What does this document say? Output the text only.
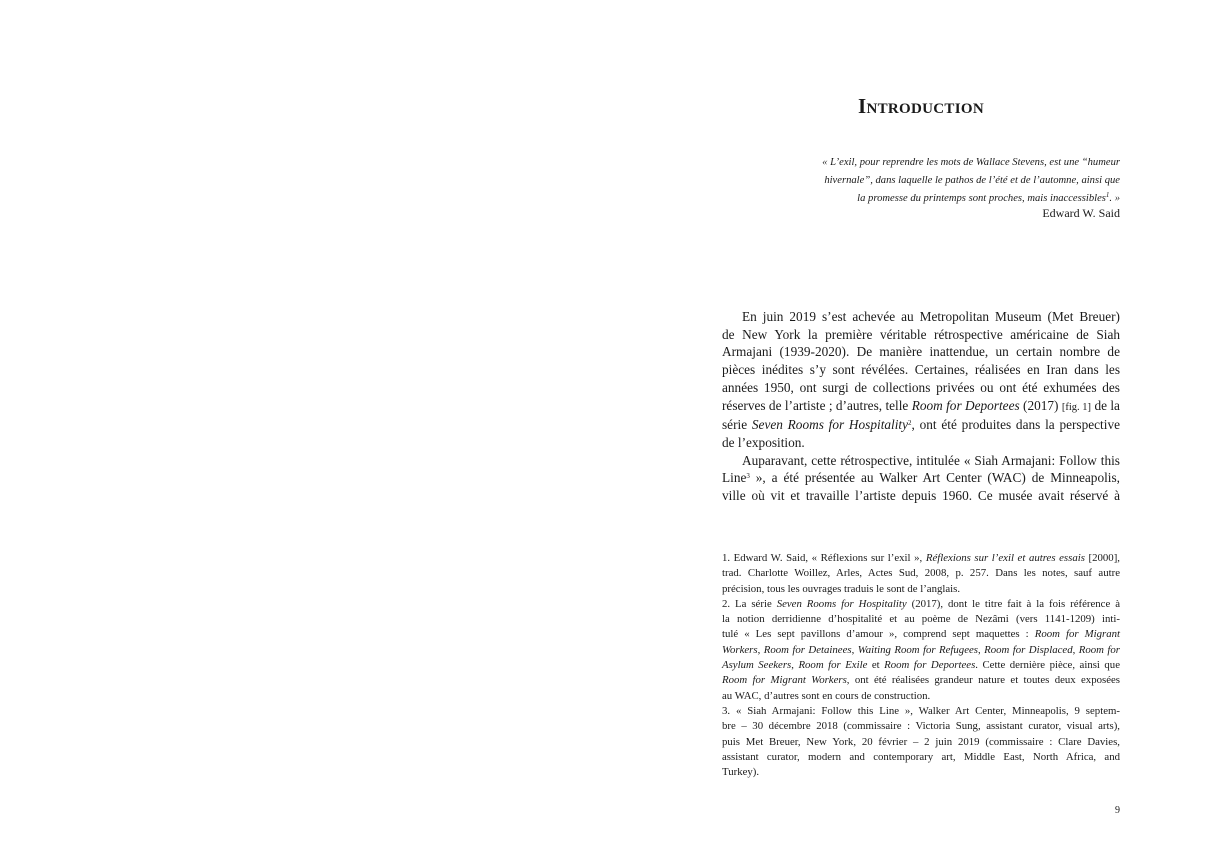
Introduction
« L’exil, pour reprendre les mots de Wallace Stevens, est une “humeur
hivernale”, dans laquelle le pathos de l’été et de l’automne, ainsi que
la promesse du printemps sont proches, mais inaccessibles$^1$. »
Edward W. Said
En juin 2019 s’est achevée au Metropolitan Museum (Met Breuer)
de New York la première véritable rétrospective américaine de Siah
Armajani (1939-2020). De manière inattendue, un certain nombre de
pièces inédites s’y sont révélées. Certaines, réalisées en Iran dans les
années 1950, ont surgi de collections privées ou ont été exhumées des
réserves de l’artiste ; d’autres, telle Room for Deportees (2017) [fig. 1] de la
série Seven Rooms for Hospitality$^2$, ont été produites dans la perspective
de l’exposition.
Auparavant, cette rétrospective, intitulée « Siah Armajani: Follow this
Line$^3$ », a été présentée au Walker Art Center (WAC) de Minneapolis,
ville où vit et travaille l’artiste depuis 1960. Ce musée avait réservé à
1. Edward W. Said, « Réflexions sur l’exil », Réflexions sur l’exil et autres essais [2000],
trad. Charlotte Woillez, Arles, Actes Sud, 2008, p. 257. Dans les notes, sauf autre
précision, tous les ouvrages traduis le sont de l’anglais.
2. La série Seven Rooms for Hospitality (2017), dont le titre fait à la fois référence à
la notion derridienne d’hospitalité et au poème de Nezâmi (vers 1141-1209) inti-
tulé « Les sept pavillons d’amour », comprend sept maquettes : Room for Migrant
Workers, Room for Detainees, Waiting Room for Refugees, Room for Displaced, Room for
Asylum Seekers, Room for Exile et Room for Deportees. Cette dernière pièce, ainsi que
Room for Migrant Workers, ont été réalisées grandeur nature et toutes deux exposées
au WAC, d’autres sont en cours de construction.
3. « Siah Armajani: Follow this Line », Walker Art Center, Minneapolis, 9 septem-
bre – 30 décembre 2018 (commissaire : Victoria Sung, assistant curator, visual arts),
puis Met Breuer, New York, 20 février – 2 juin 2019 (commissaire : Clare Davies,
assistant curator, modern and contemporary art, Middle East, North Africa, and
Turkey).
9
